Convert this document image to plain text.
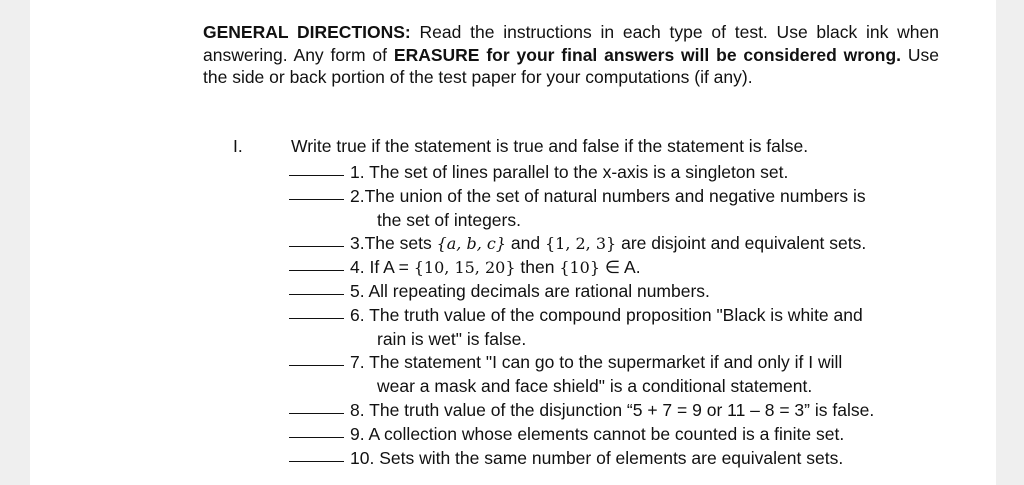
GENERAL DIRECTIONS: Read the instructions in each type of test. Use black ink when answering. Any form of ERASURE for your final answers will be considered wrong. Use the side or back portion of the test paper for your computations (if any).
I.	Write true if the statement is true and false if the statement is false.
1. The set of lines parallel to the x-axis is a singleton set.
2.The union of the set of natural numbers and negative numbers is
the set of integers.
3.The sets {a, b, c} and {1, 2, 3} are disjoint and equivalent sets.
4. If A = {10, 15, 20} then {10} ∈ A.
5. All repeating decimals are rational numbers.
6. The truth value of the compound proposition "Black is white and
rain is wet" is false.
7. The statement "I can go to the supermarket if and only if I will
wear a mask and face shield" is a conditional statement.
8. The truth value of the disjunction “5 + 7 = 9 or 11 – 8 = 3” is false.
9. A collection whose elements cannot be counted is a finite set.
10. Sets with the same number of elements are equivalent sets.
